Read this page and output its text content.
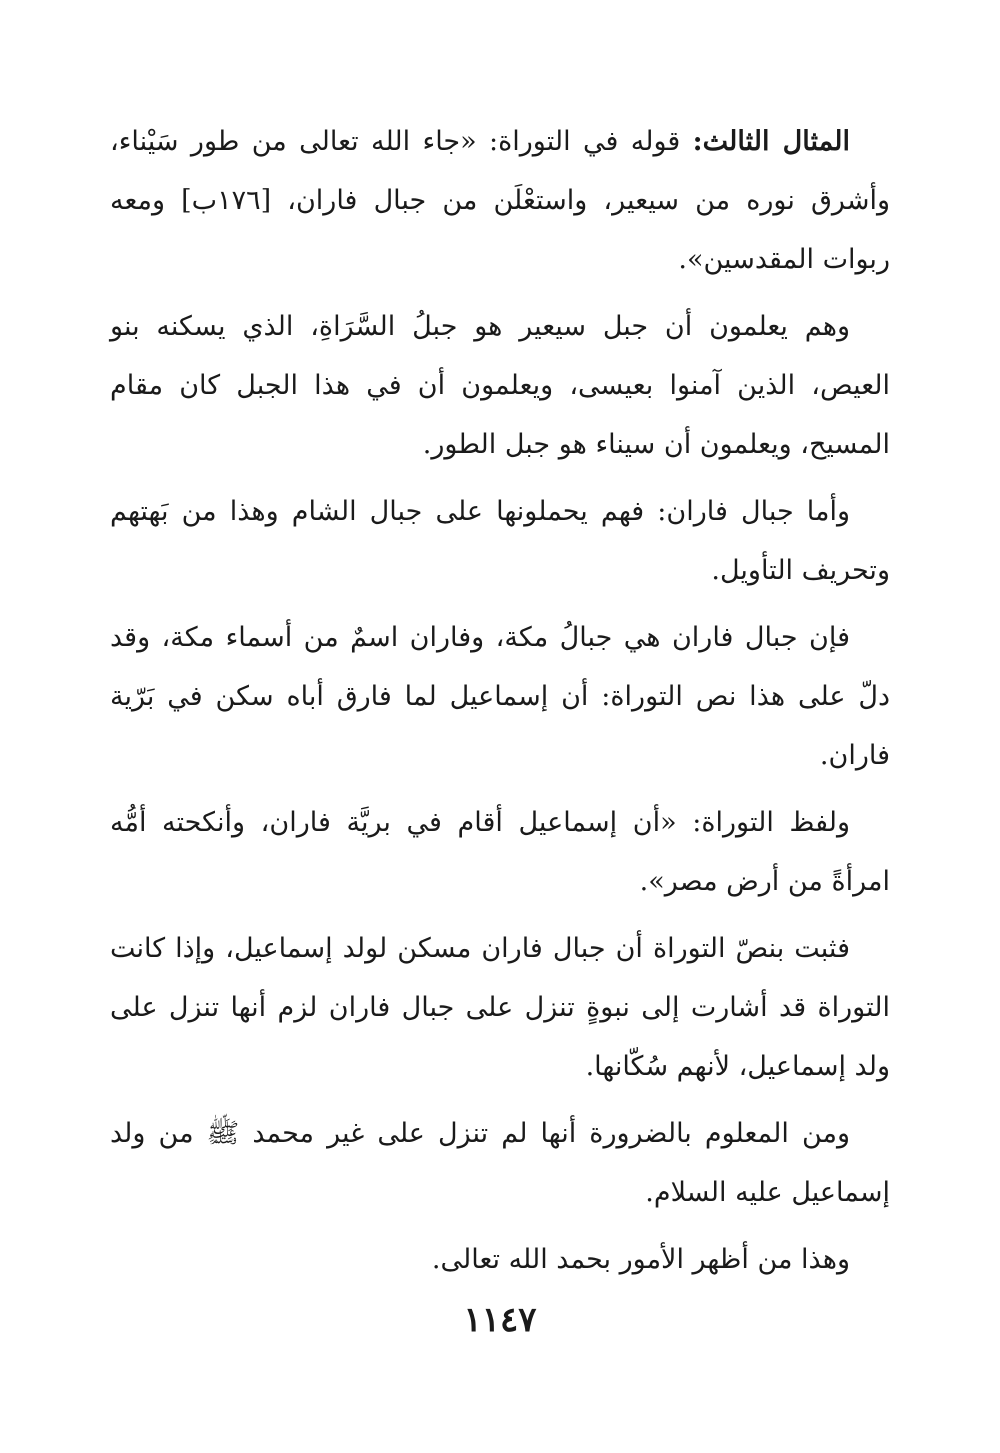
المثال الثالث: قوله في التوراة: «جاء الله تعالى من طور سَيْناء، وأشرق نوره من سيعير، واستعْلَن من جبال فاران، [١٧٦ب] ومعه ربوات المقدسين».

وهم يعلمون أن جبل سيعير هو جبلُ السَّرَاةِ، الذي يسكنه بنو العيص، الذين آمنوا بعيسى، ويعلمون أن في هذا الجبل كان مقام المسيح، ويعلمون أن سيناء هو جبل الطور.

وأما جبال فاران: فهم يحملونها على جبال الشام وهذا من بَهتهم وتحريف التأويل.

فإن جبال فاران هي جبالُ مكة، وفاران اسمٌ من أسماء مكة، وقد دلّ على هذا نص التوراة: أن إسماعيل لما فارق أباه سكن في بَرّية فاران.

ولفظ التوراة: «أن إسماعيل أقام في بريَّة فاران، وأنكحته أمُّه امرأةً من أرض مصر».

فثبت بنصّ التوراة أن جبال فاران مسكن لولد إسماعيل، وإذا كانت التوراة قد أشارت إلى نبوةٍ تنزل على جبال فاران لزم أنها تنزل على ولد إسماعيل، لأنهم سُكّانها.

ومن المعلوم بالضرورة أنها لم تنزل على غير محمد ﷺ من ولد إسماعيل عليه السلام.

وهذا من أظهر الأمور بحمد الله تعالى.

١١٤٧
